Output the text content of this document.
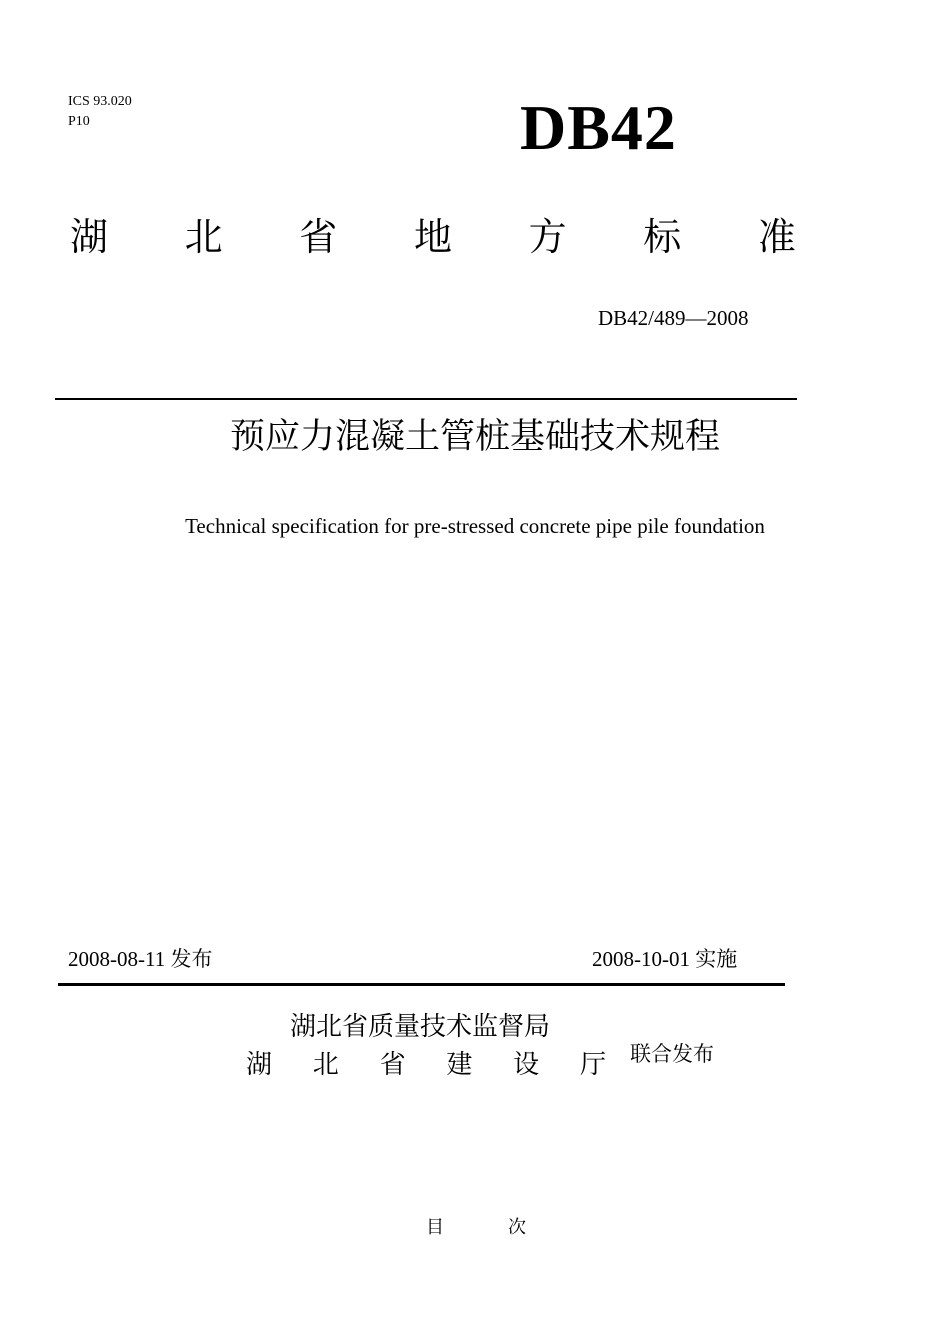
ICS 93.020
P10	DB42
湖 北 省 地 方 标 准
DB42/489—2008
预应力混凝土管桩基础技术规程
Technical specification for pre-stressed concrete pipe pile foundation
2008-08-11 发布	2008-10-01 实施
湖北省质量技术监督局
湖 北 省 建 设 厅 联合发布
目	次
